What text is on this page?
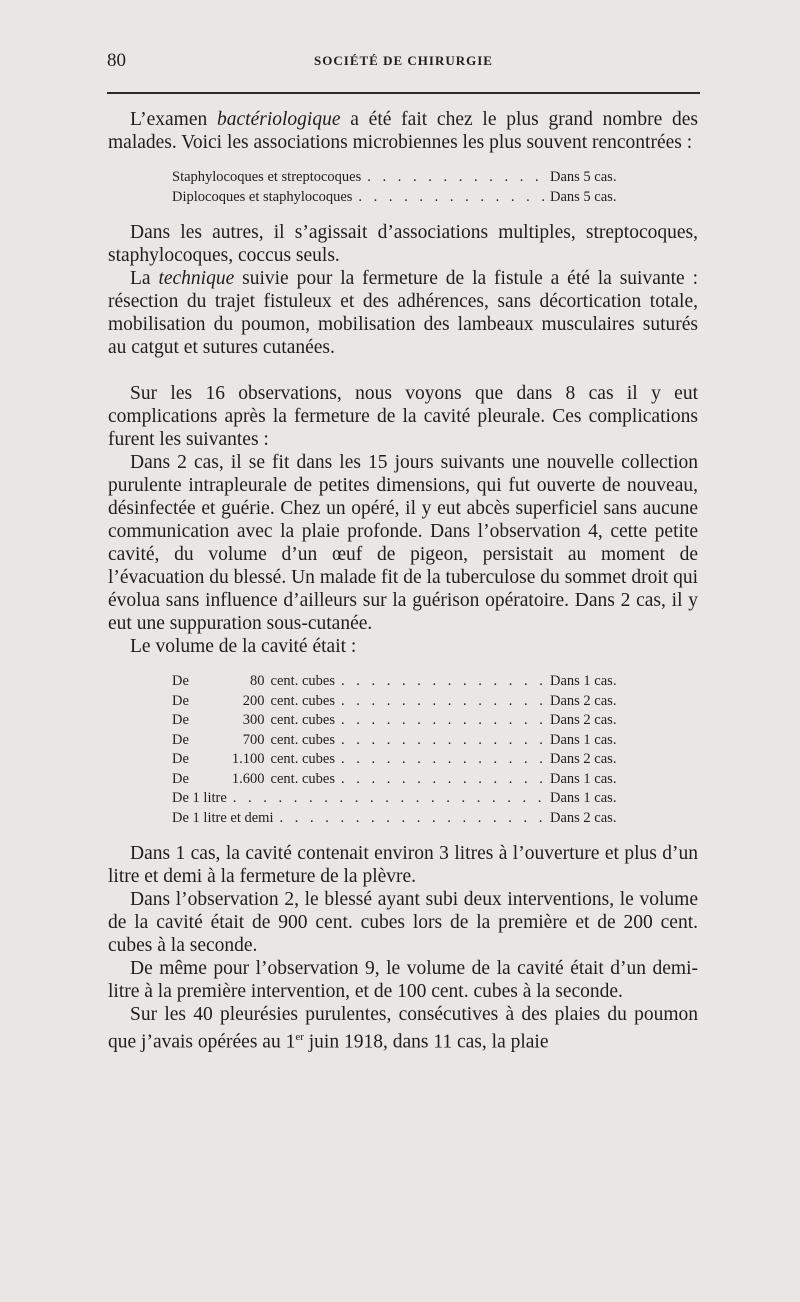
80	SOCIÉTÉ DE CHIRURGIE

L’examen bactériologique a été fait chez le plus grand nombre des malades. Voici les associations microbiennes les plus souvent rencontrées :

Staphylocoques et streptocoques . . .	Dans 5 cas.
Diplocoques et staphylocoques . . .	Dans 5 cas.

Dans les autres, il s’agissait d’associations multiples, streptocoques, staphylocoques, coccus seuls.

La technique suivie pour la fermeture de la fistule a été la suivante : résection du trajet fistuleux et des adhérences, sans décortication totale, mobilisation du poumon, mobilisation des lambeaux musculaires suturés au catgut et sutures cutanées.

Sur les 16 observations, nous voyons que dans 8 cas il y eut complications après la fermeture de la cavité pleurale. Ces complications furent les suivantes :

Dans 2 cas, il se fit dans les 15 jours suivants une nouvelle collection purulente intrapleurale de petites dimensions, qui fut ouverte de nouveau, désinfectée et guérie. Chez un opéré, il y eut abcès superficiel sans aucune communication avec la plaie profonde. Dans l’observation 4, cette petite cavité, du volume d’un œuf de pigeon, persistait au moment de l’évacuation du blessé. Un malade fit de la tuberculose du sommet droit qui évolua sans influence d’ailleurs sur la guérison opératoire. Dans 2 cas, il y eut une suppuration sous-cutanée.

Le volume de la cavité était :

De	80 cent. cubes . . .	Dans 1 cas.
De	200 cent. cubes . . .	Dans 2 cas.
De	300 cent. cubes . . .	Dans 2 cas.
De	700 cent. cubes . . .	Dans 1 cas.
De	1.100 cent. cubes . . .	Dans 2 cas.
De	1.600 cent. cubes . . .	Dans 1 cas.
De 1 litre . . .	Dans 1 cas.
De 1 litre et demi . . .	Dans 2 cas.

Dans 1 cas, la cavité contenait environ 3 litres à l’ouverture et plus d’un litre et demi à la fermeture de la plèvre.

Dans l’observation 2, le blessé ayant subi deux interventions, le volume de la cavité était de 900 cent. cubes lors de la première et de 200 cent. cubes à la seconde.

De même pour l’observation 9, le volume de la cavité était d’un demi-litre à la première intervention, et de 100 cent. cubes à la seconde.

Sur les 40 pleurésies purulentes, consécutives à des plaies du poumon que j’avais opérées au 1er juin 1918, dans 11 cas, la plaie
